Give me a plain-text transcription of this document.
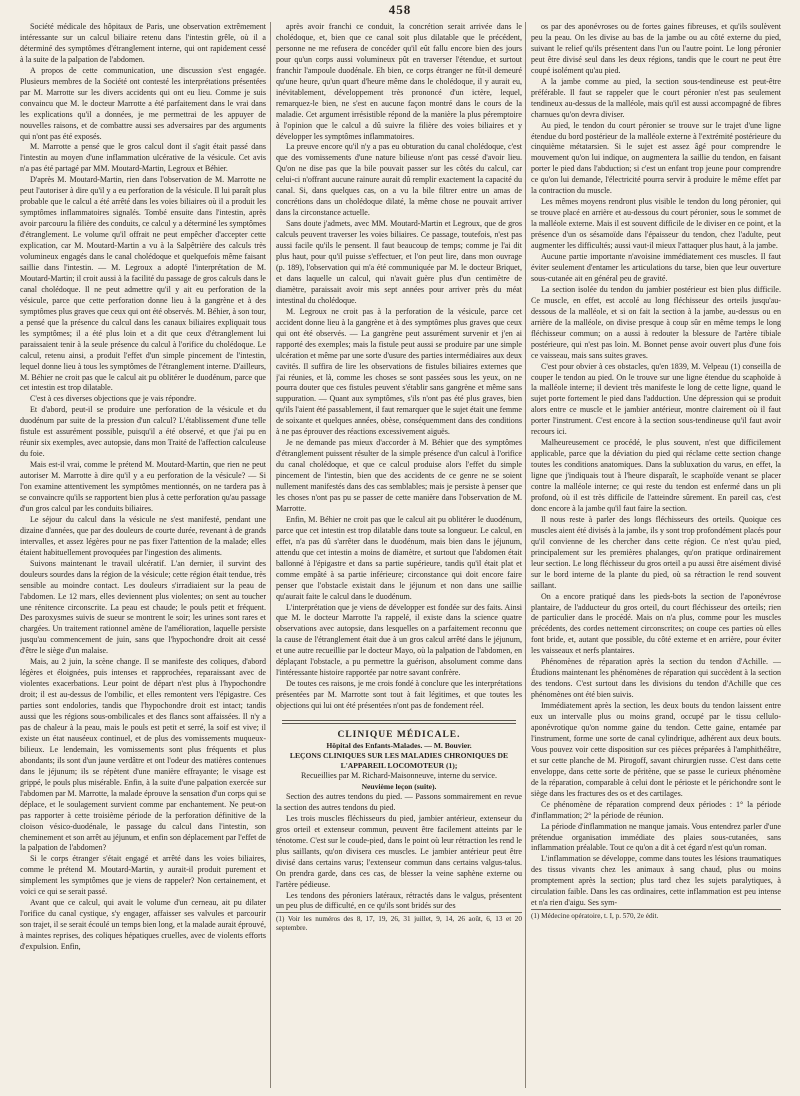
458

Société médicale des hôpitaux de Paris, une observation extrêmement intéressante sur un calcul biliaire retenu dans l'intestin grêle, où il a déterminé des symptômes d'étranglement interne, qui ont rapidement cessé à la suite de la palpation de l'abdomen.

A propos de cette communication, une discussion s'est engagée. Plusieurs membres de la Société ont contesté les interprétations présentées par M. Marrotte sur les divers accidents qui ont eu lieu. Comme je suis convaincu que M. le docteur Marrotte a été parfaitement dans le vrai dans les explications qu'il a données, je me permettrai de les appuyer de nouvelles raisons, et de combattre aussi ses adversaires par des arguments qui n'ont pas été exposés.

M. Marrotte a pensé que le gros calcul dont il s'agit était passé dans l'intestin au moyen d'une inflammation ulcérative de la vésicule. Cet avis n'a pas été partagé par MM. Moutard-Martin, Legroux et Béhier.

D'après M. Moutard-Martin, rien dans l'observation de M. Marrotte ne peut l'autoriser à dire qu'il y a eu perforation de la vésicule. Il lui paraît plus probable que le calcul a été arrêté dans les voies biliaires où il a produit les symptômes inflammatoires signalés. Tombé ensuite dans l'intestin, après avoir parcouru la filière des conduits, ce calcul y a déterminé les symptômes d'étranglement. Le volume qu'il offrait ne peut empêcher d'accepter cette explication, car M. Moutard-Martin a vu à la Salpêtrière des calculs très volumineux engagés dans le canal cholédoque et quelquefois même faisant saillie dans l'intestin. — M. Legroux a adopté l'interprétation de M. Moutard-Martin; il croit aussi à la facilité du passage de gros calculs dans le canal cholédoque. Il ne peut admettre qu'il y ait eu perforation de la vésicule, parce que cette perforation donne lieu à la gangrène et à des symptômes plus graves que ceux qui ont été observés. M. Béhier, à son tour, a pensé que la présence du calcul dans les canaux biliaires expliquait tous les symptômes; il a été plus loin et a dit que ceux d'étranglement lui paraissaient tenir à la seule présence du calcul à l'orifice du cholédoque. Le calcul, retenu ainsi, a produit l'effet d'un simple pincement de l'intestin, lequel donne lieu à tous les symptômes de l'étranglement interne. D'ailleurs, M. Béhier ne croit pas que le calcul ait pu oblitérer le duodénum, parce que cet intestin est trop dilatable.

C'est à ces diverses objections que je vais répondre.

Et d'abord, peut-il se produire une perforation de la vésicule et du duodénum par suite de la pression d'un calcul? L'établissement d'une telle fistule est assurément possible, puisqu'il a été observé, et que j'ai pu en réunir six exemples, avec autopsie, dans mon Traité de l'affection calculeuse du foie.

Mais est-il vrai, comme le prétend M. Moutard-Martin, que rien ne peut autoriser M. Marrotte à dire qu'il y a eu perforation de la vésicule? — Si l'on examine attentivement les symptômes mentionnés, on ne tardera pas à se convaincre qu'ils se rapportent bien plus à cette perforation qu'au passage d'un gros calcul par les conduits biliaires.

Le séjour du calcul dans la vésicule ne s'est manifesté, pendant une dizaine d'années, que par des douleurs de courte durée, revenant à de grands intervalles, et assez légères pour ne pas fixer l'attention de la malade; elles étaient habituellement provoquées par l'ingestion des aliments.

Suivons maintenant le travail ulcératif. L'an dernier, il survint des douleurs sourdes dans la région de la vésicule; cette région était tendue, très sensible au moindre contact. Les douleurs s'irradiaient sur la peau de l'abdomen. Le 12 mars, elles deviennent plus violentes; on sent au toucher une rénitence circonscrite. La peau est chaude; le pouls petit et fréquent. Des paroxysmes suivis de sueur se montrent le soir; les urines sont rares et chargées. Un traitement rationnel amène de l'amélioration, laquelle persiste jusqu'au commencement de juin, sans que l'hypochondre droit ait cessé d'être le siège d'un malaise.

Mais, au 2 juin, la scène change. Il se manifeste des coliques, d'abord légères et éloignées, puis intenses et rapprochées, reparaissant avec de violentes exacerbations. Leur point de départ n'est plus à l'hypochondre droit; il est au-dessus de l'ombilic, et elles remontent vers l'épigastre. Ces parties sont endolories, tandis que l'hypochondre droit est intact; tandis aussi que les régions sous-ombilicales et des flancs sont affaissées. Il n'y a pas de chaleur à la peau, mais le pouls est petit et serré, la soif est vive; il existe un état nauséeux continuel, et de plus des vomissements muqueux-bilieux. Le lendemain, les vomissements sont plus fréquents et plus abondants; ils sont d'un jaune verdâtre et ont l'odeur des matières contenues dans le jéjunum; ils se répètent d'une manière effrayante; le visage est grippé, le pouls plus misérable. Enfin, à la suite d'une palpation exercée sur l'abdomen par M. Marrotte, la malade éprouve la sensation d'un corps qui se déplace, et le soulagement survient comme par enchantement. Ne peut-on pas rapporter à cette troisième période de la perforation définitive de la cloison vésico-duodénale, le passage du calcul dans l'intestin, son cheminement et son arrêt au jéjunum, et enfin son déplacement par l'effet de la palpation de l'abdomen?

Si le corps étranger s'était engagé et arrêté dans les voies biliaires, comme le prétend M. Moutard-Martin, y aurait-il produit purement et simplement les symptômes que je viens de rappeler? Non certainement, et voici ce qui se serait passé.

Avant que ce calcul, qui avait le volume d'un cerneau, ait pu dilater l'orifice du canal cystique, s'y engager, affaisser ses valvules et parcourir son trajet, il se serait écoulé un temps bien long, et la malade aurait éprouvé, à maintes reprises, des coliques hépatiques cruelles, avec de violents efforts d'expulsion. Enfin,

après avoir franchi ce conduit, la concrétion serait arrivée dans le cholédoque, et, bien que ce canal soit plus dilatable que le précédent, personne ne me refusera de concéder qu'il eût fallu encore bien des jours pour qu'un corps aussi volumineux pût en traverser l'étendue, et surtout franchir l'ampoule duodénale. Eh bien, ce corps étranger ne fût-il demeuré qu'une heure, qu'un quart d'heure même dans le cholédoque, il y aurait eu, inévitablement, développement très prononcé d'un ictère, lequel, remarquez-le bien, ne s'est en aucune façon montré dans le cours de la maladie. Cet argument irrésistible répond de la manière la plus péremptoire à l'opinion que le calcul a dû suivre la filière des voies biliaires et y développer les symptômes inflammatoires.

La preuve encore qu'il n'y a pas eu obturation du canal cholédoque, c'est que des vomissements d'une nature bilieuse n'ont pas cessé d'avoir lieu. Qu'on ne dise pas que la bile pouvait passer sur les côtés du calcul, car celui-ci n'offrant aucune rainure aurait dû remplir exactement la capacité du canal. Si, dans quelques cas, on a vu la bile filtrer entre un amas de concrétions dans un cholédoque dilaté, la même chose ne pouvait arriver dans la circonstance actuelle.

Sans doute j'admets, avec MM. Moutard-Martin et Legroux, que de gros calculs peuvent traverser les voies biliaires. Ce passage, toutefois, n'est pas aussi facile qu'ils le pensent. Il faut beaucoup de temps; comme je l'ai dit plus haut, pour qu'il puisse s'effectuer, et l'on peut lire, dans mon ouvrage (p. 189), l'observation qui m'a été communiquée par M. le docteur Briquet, et dans laquelle un calcul, qui n'avait guère plus d'un centimètre de diamètre, paraissait avoir mis sept années pour arriver près du méat intestinal du cholédoque.

M. Legroux ne croit pas à la perforation de la vésicule, parce cet accident donne lieu à la gangrène et à des symptômes plus graves que ceux qui ont été observés. — La gangrène peut assurément survenir et j'en ai rapporté des exemples; mais la fistule peut aussi se produire par une simple ulcération et même par une sorte d'usure des parties intermédiaires aux deux cavités. Il suffira de lire les observations de fistules biliaires externes que j'ai réunies, et là, comme les choses se sont passées sous les yeux, on ne pourra douter que ces fistules peuvent s'établir sans gangrène et même sans suppuration. — Quant aux symptômes, s'ils n'ont pas été plus graves, bien qu'ils l'aient été passablement, il faut remarquer que le sujet était une femme de soixante et quelques années, obèse, conséquemment dans des conditions à ne pas éprouver des réactions excessivement aiguës.

Je ne demande pas mieux d'accorder à M. Béhier que des symptômes d'étranglement puissent résulter de la simple présence d'un calcul à l'orifice du canal cholédoque, et que ce calcul produise alors l'effet du simple pincement de l'intestin, bien que des accidents de ce genre ne se soient nullement manifestés dans des cas semblables; mais je persiste à penser que les choses n'ont pas pu se passer de cette manière dans l'observation de M. Marrotte.

Enfin, M. Béhier ne croit pas que le calcul ait pu oblitérer le duodénum, parce que cet intestin est trop dilatable dans toute sa longueur. Le calcul, en effet, n'a pas dû s'arrêter dans le duodénum, mais bien dans le jéjunum, attendu que cet intestin a moins de diamètre, et surtout que l'abdomen était ballonné à l'épigastre et dans sa partie supérieure, tandis qu'il était plat et comme empâté à sa partie inférieure; circonstance qui doit encore faire penser que l'obstacle existait dans le jéjunum et non dans une saillie qu'aurait faite le calcul dans le duodénum.

L'interprétation que je viens de développer est fondée sur des faits. Ainsi que M. le docteur Marrotte l'a rappelé, il existe dans la science quatre observations avec autopsie, dans lesquelles on a parfaitement reconnu que la cause de l'étranglement était due à un gros calcul arrêté dans le jéjunum, et une autre recueillie par le docteur Mayo, où la palpation de l'abdomen, en déplaçant l'obstacle, a pu permettre la guérison, absolument comme dans l'intéressante histoire rapportée par notre savant confrère.

De toutes ces raisons, je me crois fondé à conclure que les interprétations présentées par M. Marrotte sont tout à fait légitimes, et que toutes les objections qui lui ont été présentées n'ont pas de fondement réel.

CLINIQUE MÉDICALE.

Hôpital des Enfants-Malades. — M. Bouvier.

LEÇONS CLINIQUES SUR LES MALADIES CHRONIQUES DE L'APPAREIL LOCOMOTEUR (1);

Recueillies par M. Richard-Maisonneuve, interne du service.

Neuvième leçon (suite).

Section des autres tendons du pied. — Passons sommairement en revue la section des autres tendons du pied.

Les trois muscles fléchisseurs du pied, jambier antérieur, extenseur du gros orteil et extenseur commun, peuvent être facilement atteints par le ténotome. C'est sur le coude-pied, dans le point où leur rétraction les rend le plus saillants, qu'on divisera ces muscles. Le jambier antérieur peut être divisé dans certains varus; l'extenseur commun dans certains valgus-talus. On prendra garde, dans ces cas, de blesser la veine saphène externe ou l'artère pédieuse.

Les tendons des péroniers latéraux, rétractés dans le valgus, présentent un peu plus de difficulté, en ce qu'ils sont bridés sur des

(1) Voir les numéros des 8, 17, 19, 26, 31 juillet, 9, 14, 26 août, 6, 13 et 20 septembre.

os par des aponévroses ou de fortes gaines fibreuses, et qu'ils soulèvent peu la peau. On les divise au bas de la jambe ou au côté externe du pied, suivant le relief qu'ils présentent dans l'un ou l'autre point. Le long péronier peut être divisé seul dans les deux régions, tandis que le court ne peut être coupé isolément qu'au pied.

A la jambe comme au pied, la section sous-tendineuse est peut-être préférable. Il faut se rappeler que le court péronier n'est pas seulement tendineux au-dessus de la malléole, mais qu'il est aussi accompagné de fibres charnues qu'on devra diviser.

Au pied, le tendon du court péronier se trouve sur le trajet d'une ligne étendue du bord postérieur de la malléole externe à l'extrémité postérieure du cinquième métatarsien. Si le sujet est assez âgé pour comprendre le mouvement qu'on lui indique, on augmentera la saillie du tendon, en faisant porter le pied dans l'abduction; si c'est un enfant trop jeune pour comprendre ce qu'on lui demande, l'électricité pourra servir à produire le même effet par la contraction du muscle.

Les mêmes moyens rendront plus visible le tendon du long péronier, qui se trouve placé en arrière et au-dessous du court péronier, sous le sommet de la malléole externe. Mais il est souvent difficile de le diviser en ce point, et la présence d'un os sésamoïde dans l'épaisseur du tendon, chez l'adulte, peut augmenter les difficultés; aussi vaut-il mieux l'attaquer plus haut, à la jambe.

Aucune partie importante n'avoisine immédiatement ces muscles. Il faut éviter seulement d'entamer les articulations du tarse, bien que leur ouverture sous-cutanée ait en général peu de gravité.

La section isolée du tendon du jambier postérieur est bien plus difficile. Ce muscle, en effet, est accolé au long fléchisseur des orteils jusqu'au-dessous de la malléole, et si on fait la section à la jambe, au-dessus ou en arrière de la malléole, on divise presque à coup sûr en même temps le long fléchisseur commun; on a aussi à redouter la blessure de l'artère tibiale postérieure, qui n'est pas loin. M. Bonnet pense avoir ouvert plus d'une fois ce vaisseau, mais sans suites graves.

C'est pour obvier à ces obstacles, qu'en 1839, M. Velpeau (1) conseilla de couper le tendon au pied. On le trouve sur une ligne étendue du scaphoïde à la malléole interne; il devient très manifeste le long de cette ligne, quand le sujet porte fortement le pied dans l'adduction. Une dépression qui se produit alors entre ce muscle et le jambier antérieur, montre clairement où il faut porter l'instrument. C'est encore à la section sous-tendineuse qu'il faut avoir recours ici.

Malheureusement ce procédé, le plus souvent, n'est que difficilement applicable, parce que la déviation du pied qui réclame cette section change toutes les conditions anatomiques. Dans la subluxation du varus, en effet, la ligne que j'indiquais tout à l'heure disparaît, le scaphoïde venant se placer contre la malléole interne; ce qui reste du tendon est enfermé dans un pli profond, où il est très difficile de l'atteindre sûrement. En pareil cas, c'est donc encore à la jambe qu'il faut faire la section.

Il nous reste à parler des longs fléchisseurs des orteils. Quoique ces muscles aient été divisés à la jambe, ils y sont trop profondément placés pour qu'il convienne de les chercher dans cette région. Ce n'est qu'au pied, principalement sur les premières phalanges, qu'on pratique ordinairement leur section. Le long fléchisseur du gros orteil a pu aussi être aisément divisé sur le bord interne de la plante du pied, où sa rétraction le rend souvent saillant.

On a encore pratiqué dans les pieds-bots la section de l'aponévrose plantaire, de l'adducteur du gros orteil, du court fléchisseur des orteils; rien de particulier dans le procédé. Mais on n'a plus, comme pour les muscles précédents, des cordes nettement circonscrites; on coupe ces parties où elles font bride, et, autant que possible, du côté externe et en arrière, pour éviter les vaisseaux et nerfs plantaires.

Phénomènes de réparation après la section du tendon d'Achille. — Étudions maintenant les phénomènes de réparation qui succèdent à la section des tendons. C'est surtout dans les divisions du tendon d'Achille que ces phénomènes ont été bien suivis.

Immédiatement après la section, les deux bouts du tendon laissent entre eux un intervalle plus ou moins grand, occupé par le tissu cellulo-aponévrotique qu'on nomme gaine du tendon. Cette gaine, entamée par l'instrument, forme une sorte de canal cylindrique, adhérent aux deux bouts. Vous pouvez voir cette disposition sur ces pièces préparées à l'amphithéâtre, et sur cette planche de M. Pirogoff, savant chirurgien russe. C'est dans cette enveloppe, dans cette sorte de péritène, que se passe le curieux phénomène de la réparation, comparable à celui dont le périoste et le périchondre sont le siège dans les fractures des os et des cartilages.

Ce phénomène de réparation comprend deux périodes : 1° la période d'inflammation; 2° la période de réunion.

La période d'inflammation ne manque jamais. Vous entendrez parler d'une prétendue organisation immédiate des plaies sous-cutanées, sans inflammation préalable. Tout ce qu'on a dit à cet égard n'est qu'un roman.

L'inflammation se développe, comme dans toutes les lésions traumatiques des tissus vivants chez les animaux à sang chaud, plus ou moins promptement après la section; plus tard chez les sujets paralytiques, à circulation faible. Dans les cas ordinaires, cette inflammation est peu intense et n'a rien d'aigu. Ses sym-

(1) Médecine opératoire, t. I, p. 570, 2e édit.
